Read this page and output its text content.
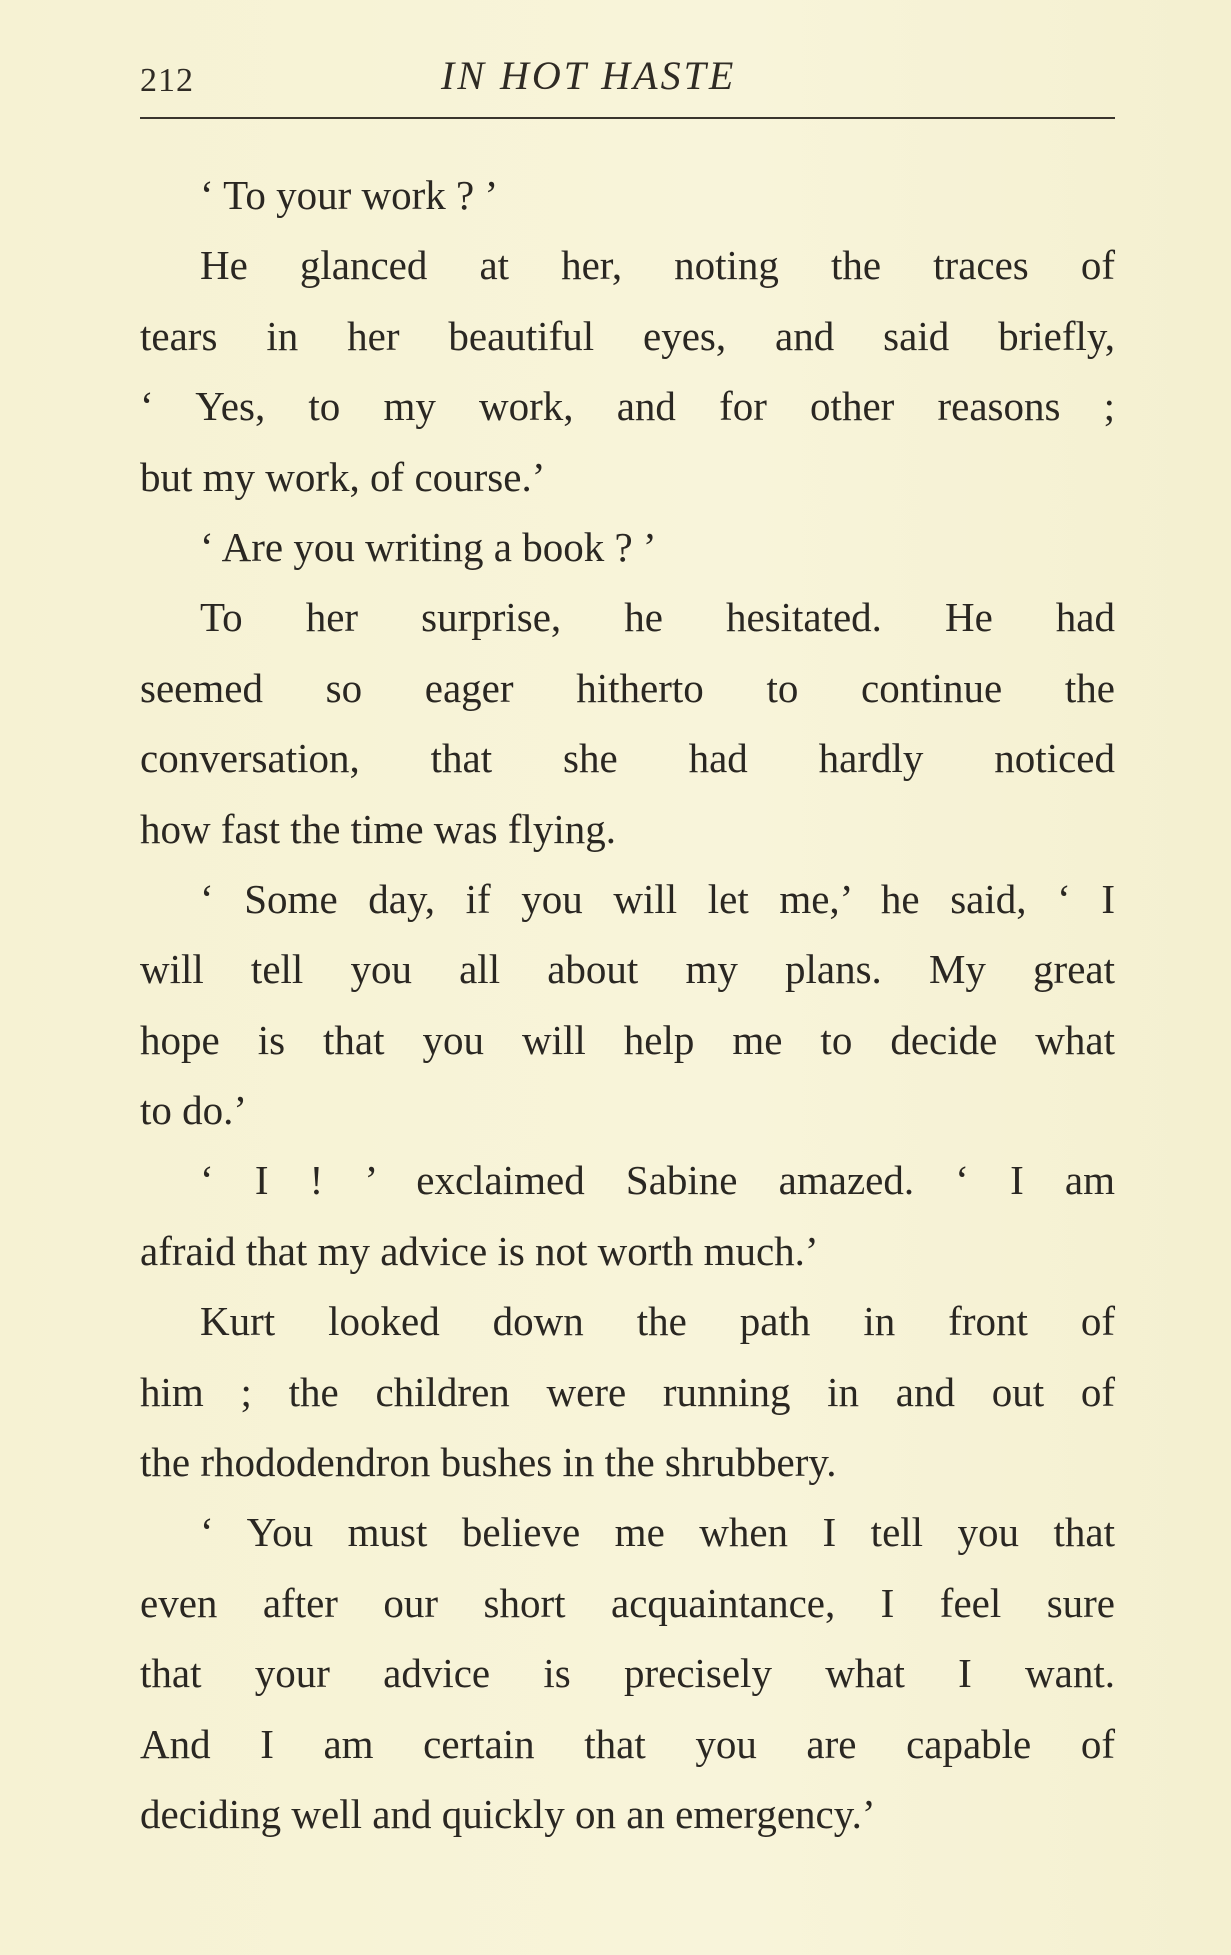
212	IN HOT HASTE
‘ To your work ? ’
He glanced at her, noting the traces of
tears in her beautiful eyes, and said briefly,
‘ Yes, to my work, and for other reasons ;
but my work, of course.’
‘ Are you writing a book ? ’
To her surprise, he hesitated. He had
seemed so eager hitherto to continue the
conversation, that she had hardly noticed
how fast the time was flying.
‘ Some day, if you will let me,’ he said, ‘ I
will tell you all about my plans. My great
hope is that you will help me to decide what
to do.’
‘ I ! ’ exclaimed Sabine amazed. ‘ I am
afraid that my advice is not worth much.’
Kurt looked down the path in front of
him ; the children were running in and out of
the rhododendron bushes in the shrubbery.
‘ You must believe me when I tell you that
even after our short acquaintance, I feel sure
that your advice is precisely what I want.
And I am certain that you are capable of
deciding well and quickly on an emergency.’
